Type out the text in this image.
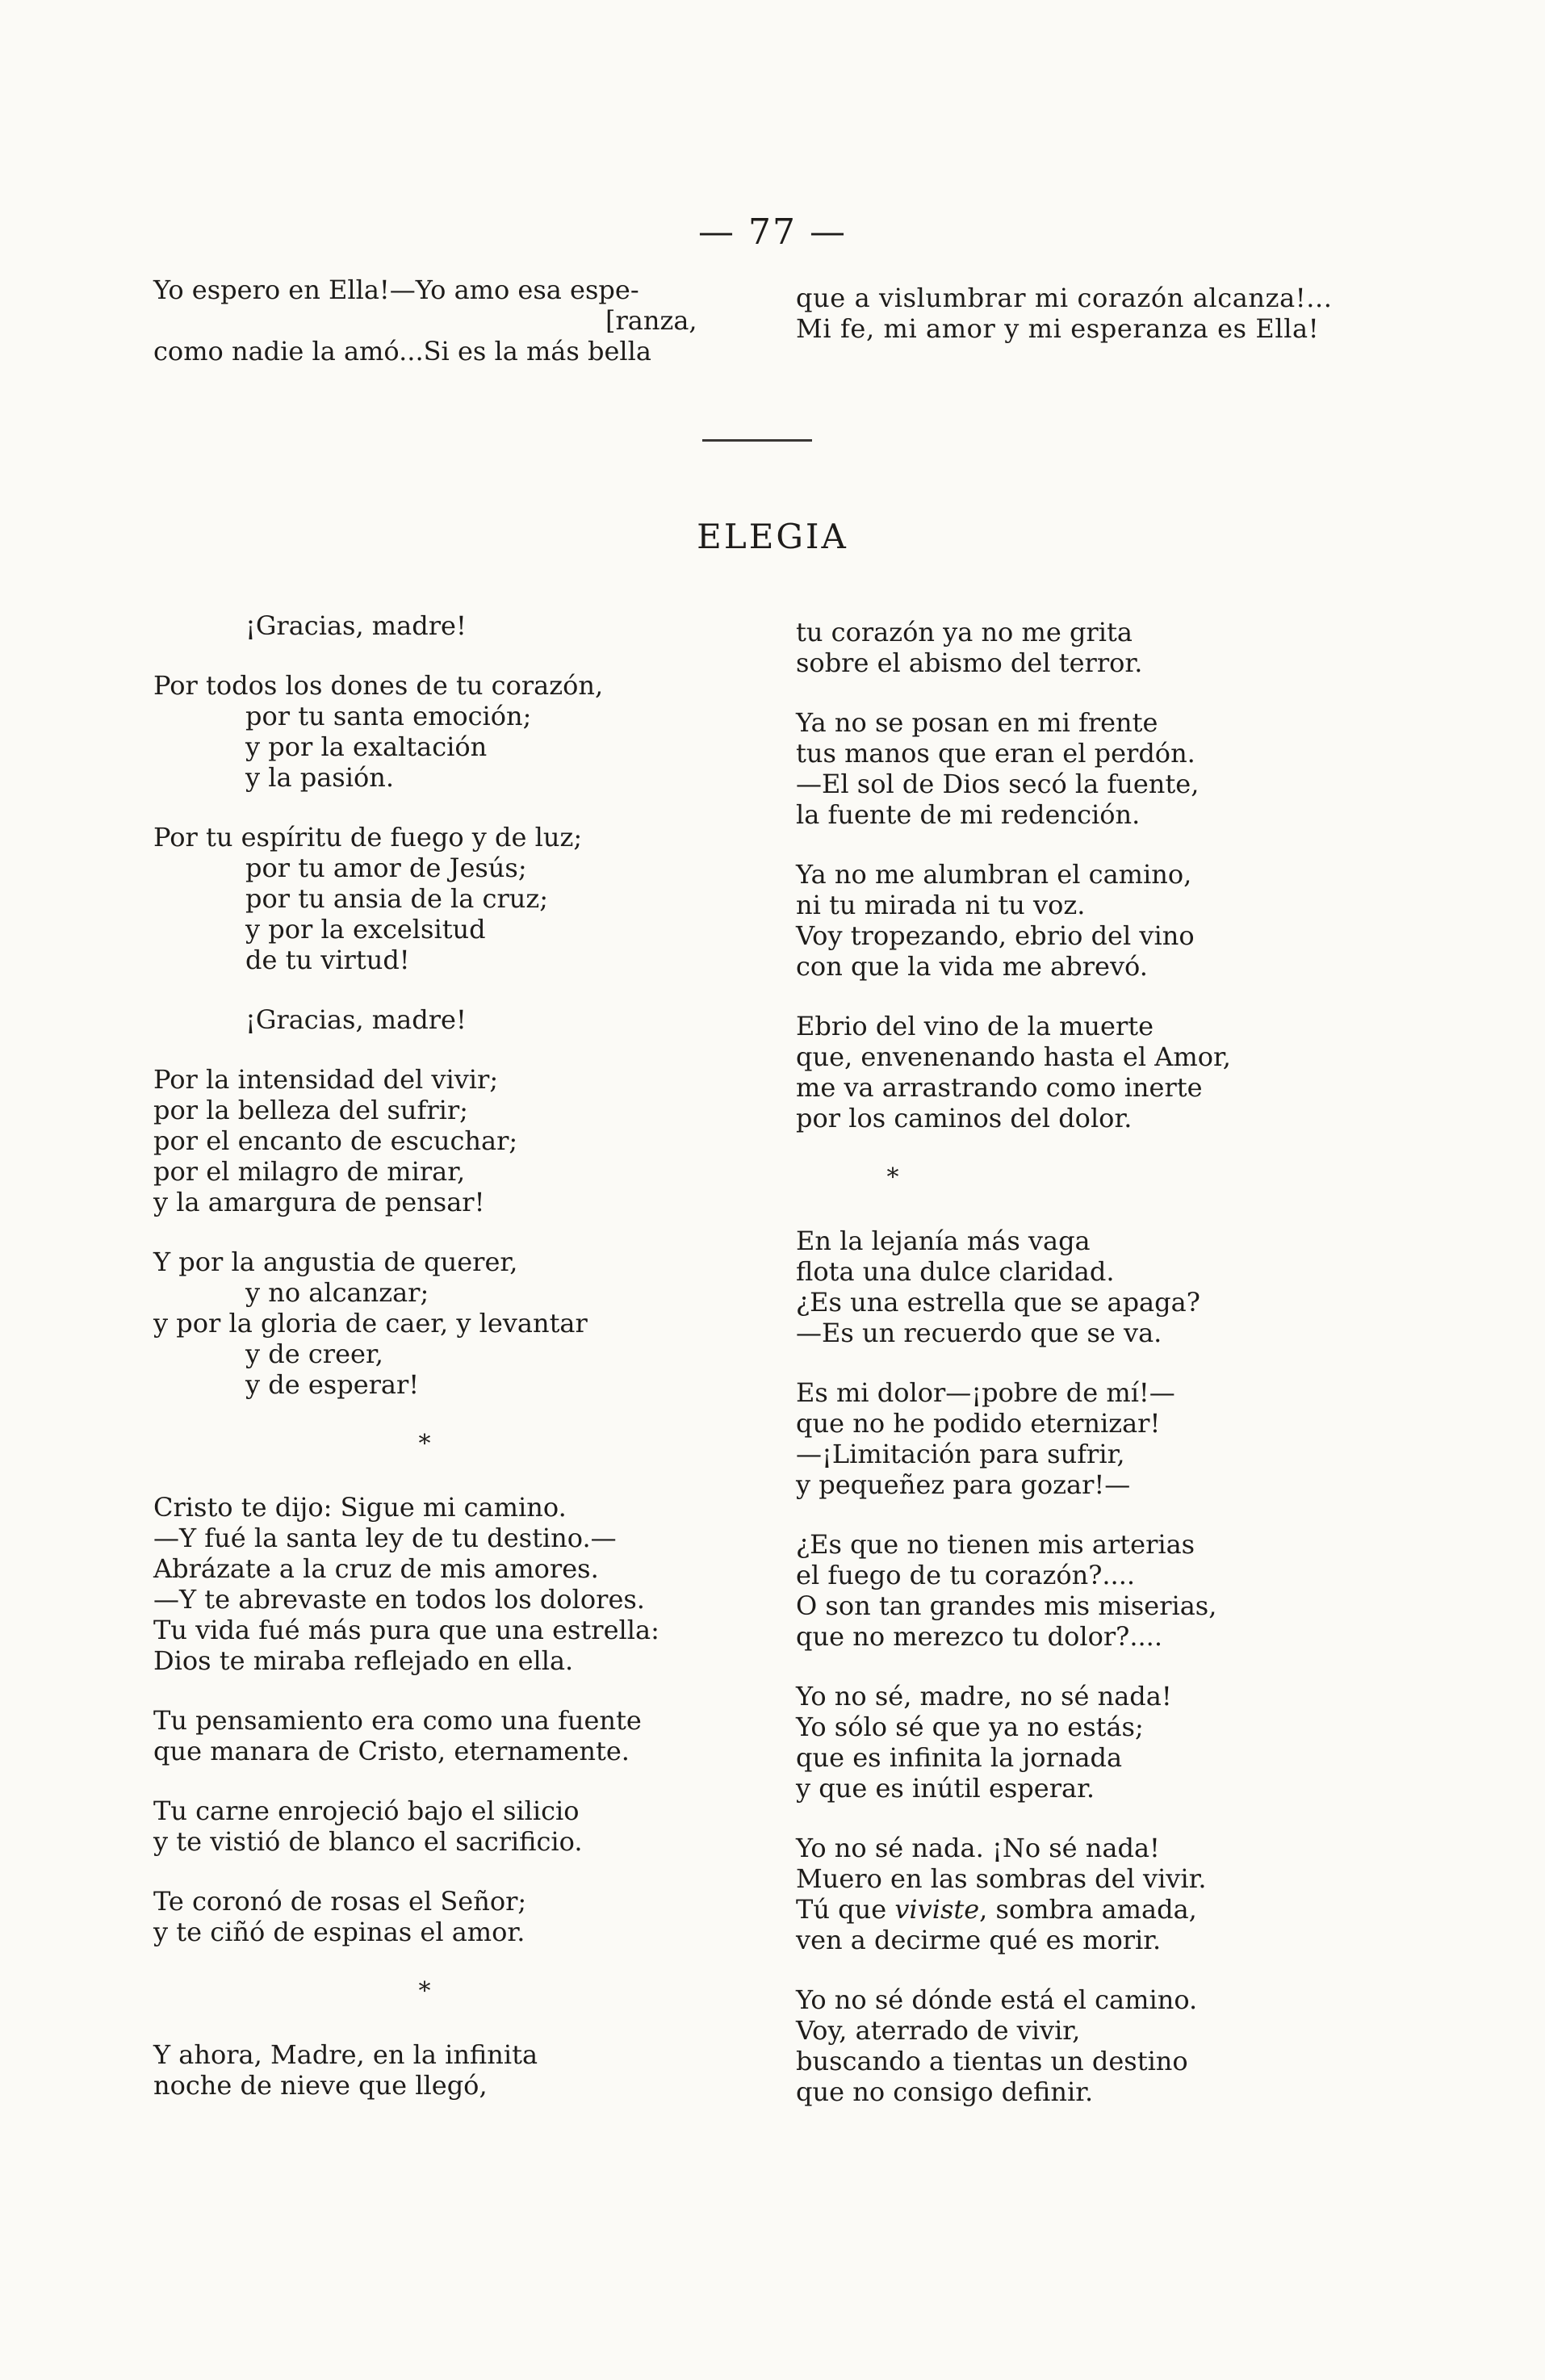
— 77 —
Yo espero en Ella!—Yo amo esa espe-
[ranza,
como nadie la amó...Si es la más bella
que a vislumbrar mi corazón alcanza!...
Mi fe, mi amor y mi esperanza es Ella!
ELEGIA
¡Gracias, madre!
Por todos los dones de tu corazón,
por tu santa emoción;
y por la exaltación
y la pasión.
Por tu espíritu de fuego y de luz;
por tu amor de Jesús;
por tu ansia de la cruz;
y por la excelsitud
de tu virtud!
¡Gracias, madre!
Por la intensidad del vivir;
por la belleza del sufrir;
por el encanto de escuchar;
por el milagro de mirar,
y la amargura de pensar!
Y por la angustia de querer,
y no alcanzar;
y por la gloria de caer, y levantar
y de creer,
y de esperar!
*
Cristo te dijo: Sigue mi camino.
—Y fué la santa ley de tu destino.—
Abrázate a la cruz de mis amores.
—Y te abrevaste en todos los dolores.
Tu vida fué más pura que una estrella:
Dios te miraba reflejado en ella.
Tu pensamiento era como una fuente
que manara de Cristo, eternamente.
Tu carne enrojeció bajo el silicio
y te vistió de blanco el sacrificio.
Te coronó de rosas el Señor;
y te ciñó de espinas el amor.
*
Y ahora, Madre, en la infinita
noche de nieve que llegó,
tu corazón ya no me grita
sobre el abismo del terror.
Ya no se posan en mi frente
tus manos que eran el perdón.
—El sol de Dios secó la fuente,
la fuente de mi redención.
Ya no me alumbran el camino,
ni tu mirada ni tu voz.
Voy tropezando, ebrio del vino
con que la vida me abrevó.
Ebrio del vino de la muerte
que, envenenando hasta el Amor,
me va arrastrando como inerte
por los caminos del dolor.
*
En la lejanía más vaga
flota una dulce claridad.
¿Es una estrella que se apaga?
—Es un recuerdo que se va.
Es mi dolor—¡pobre de mí!—
que no he podido eternizar!
—¡Limitación para sufrir,
y pequeñez para gozar!—
¿Es que no tienen mis arterias
el fuego de tu corazón?....
O son tan grandes mis miserias,
que no merezco tu dolor?....
Yo no sé, madre, no sé nada!
Yo sólo sé que ya no estás;
que es infinita la jornada
y que es inútil esperar.
Yo no sé nada. ¡No sé nada!
Muero en las sombras del vivir.
Tú que viviste, sombra amada,
ven a decirme qué es morir.
Yo no sé dónde está el camino.
Voy, aterrado de vivir,
buscando a tientas un destino
que no consigo definir.
